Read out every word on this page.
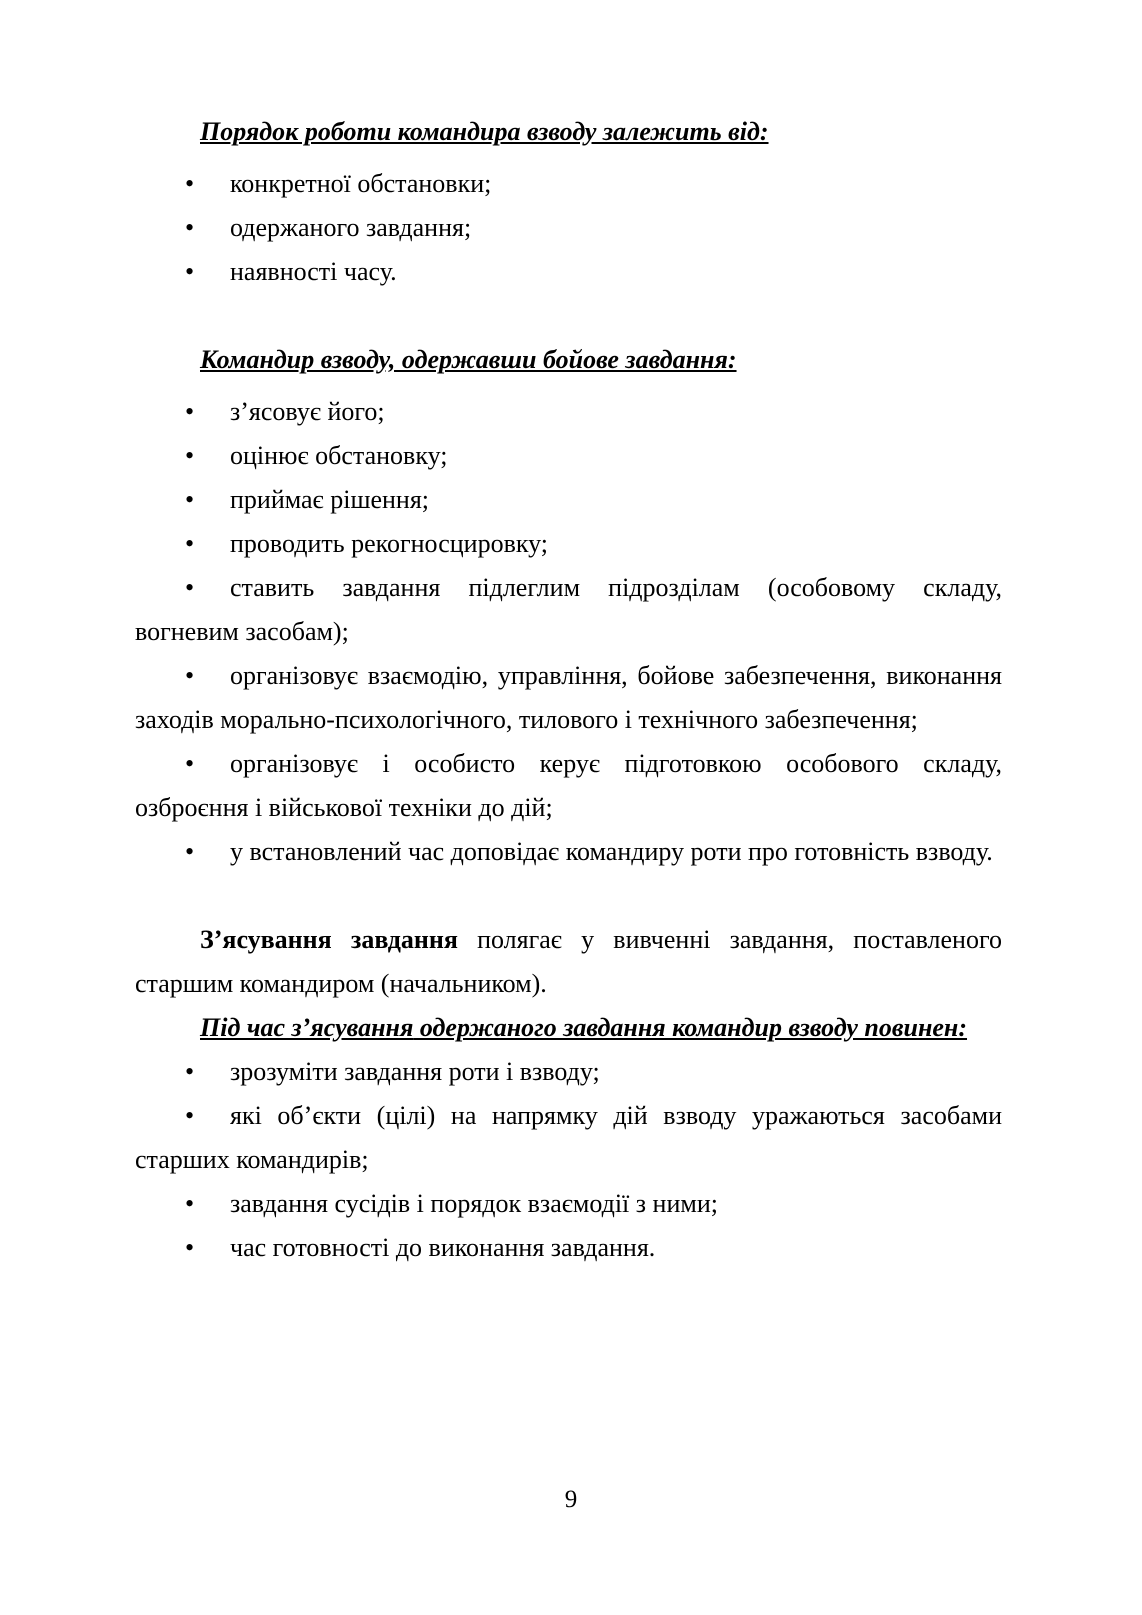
Порядок роботи командира взводу залежить від:

• конкретної обстановки;

• одержаного завдання;

• наявності часу.

Командир взводу, одержавши бойове завдання:

• з’ясовує його;

• оцінює обстановку;

• приймає рішення;

• проводить рекогносцировку;

• ставить завдання підлеглим підрозділам (особовому складу, вогневим засобам);

• організовує взаємодію, управління, бойове забезпечення, виконання заходів морально-психологічного, тилового і технічного забезпечення;

• організовує і особисто керує підготовкою особового складу, озброєння і військової техніки до дій;

• у встановлений час доповідає командиру роти про готовність взводу.

З’ясування завдання полягає у вивченні завдання, поставленого старшим командиром (начальником).

Під час з’ясування одержаного завдання командир взводу повинен:

• зрозуміти завдання роти і взводу;

• які об’єкти (цілі) на напрямку дій взводу уражаються засобами старших командирів;

• завдання сусідів і порядок взаємодії з ними;

• час готовності до виконання завдання.

9
